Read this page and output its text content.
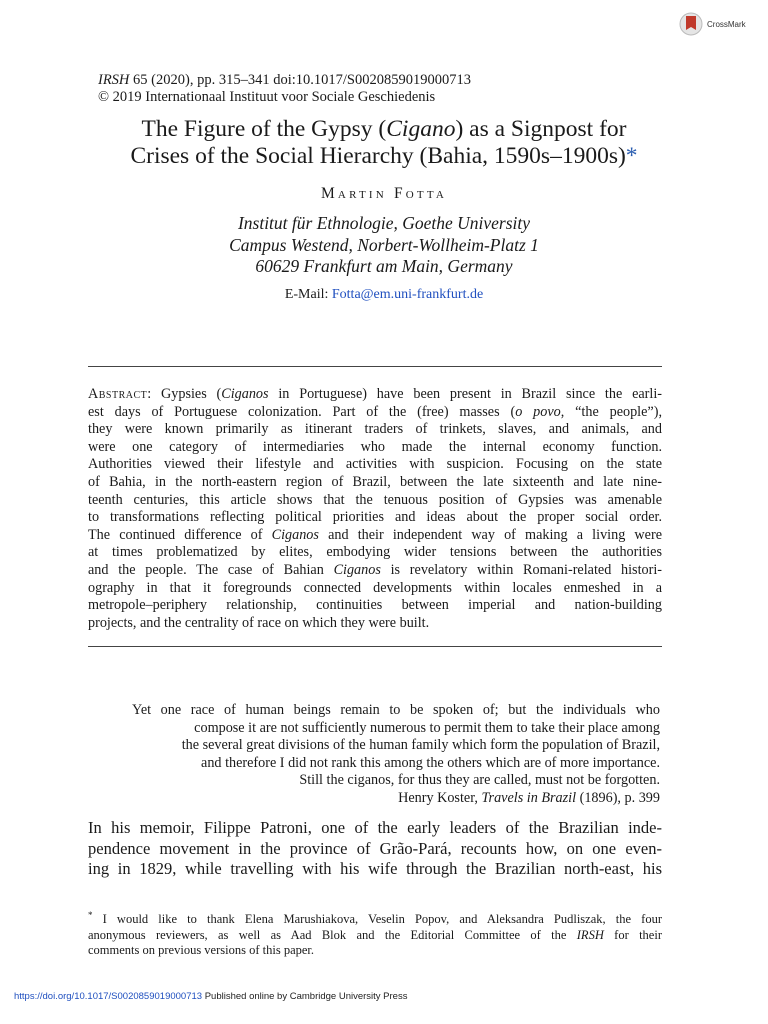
CrossMark
IRSH 65 (2020), pp. 315–341 doi:10.1017/S0020859019000713
© 2019 Internationaal Instituut voor Sociale Geschiedenis
The Figure of the Gypsy (Cigano) as a Signpost for
Crises of the Social Hierarchy (Bahia, 1590s–1900s)*
Martin Fotta
Institut für Ethnologie, Goethe University
Campus Westend, Norbert-Wollheim-Platz 1
60629 Frankfurt am Main, Germany
E-Mail: Fotta@em.uni-frankfurt.de
Abstract: Gypsies (Ciganos in Portuguese) have been present in Brazil since the earli-
est days of Portuguese colonization. Part of the (free) masses (o povo, “the people”),
they were known primarily as itinerant traders of trinkets, slaves, and animals, and
were one category of intermediaries who made the internal economy function.
Authorities viewed their lifestyle and activities with suspicion. Focusing on the state
of Bahia, in the north-eastern region of Brazil, between the late sixteenth and late nine-
teenth centuries, this article shows that the tenuous position of Gypsies was amenable
to transformations reflecting political priorities and ideas about the proper social order.
The continued difference of Ciganos and their independent way of making a living were
at times problematized by elites, embodying wider tensions between the authorities
and the people. The case of Bahian Ciganos is revelatory within Romani-related histori-
ography in that it foregrounds connected developments within locales enmeshed in a
metropole–periphery relationship, continuities between imperial and nation-building
projects, and the centrality of race on which they were built.

Yet one race of human beings remain to be spoken of; but the individuals who

compose it are not sufficiently numerous to permit them to take their place among

the several great divisions of the human family which form the population of Brazil,

and therefore I did not rank this among the others which are of more importance.

Still the ciganos, for thus they are called, must not be forgotten.

Henry Koster, Travels in Brazil (1896), p. 399

In his memoir, Filippe Patroni, one of the early leaders of the Brazilian inde-
pendence movement in the province of Grão-Pará, recounts how, on one even-
ing in 1829, while travelling with his wife through the Brazilian north-east, his
* I would like to thank Elena Marushiakova, Veselin Popov, and Aleksandra Pudliszak, the four
anonymous reviewers, as well as Aad Blok and the Editorial Committee of the IRSH for their
comments on previous versions of this paper.
https://doi.org/10.1017/S0020859019000713 Published online by Cambridge University Press
